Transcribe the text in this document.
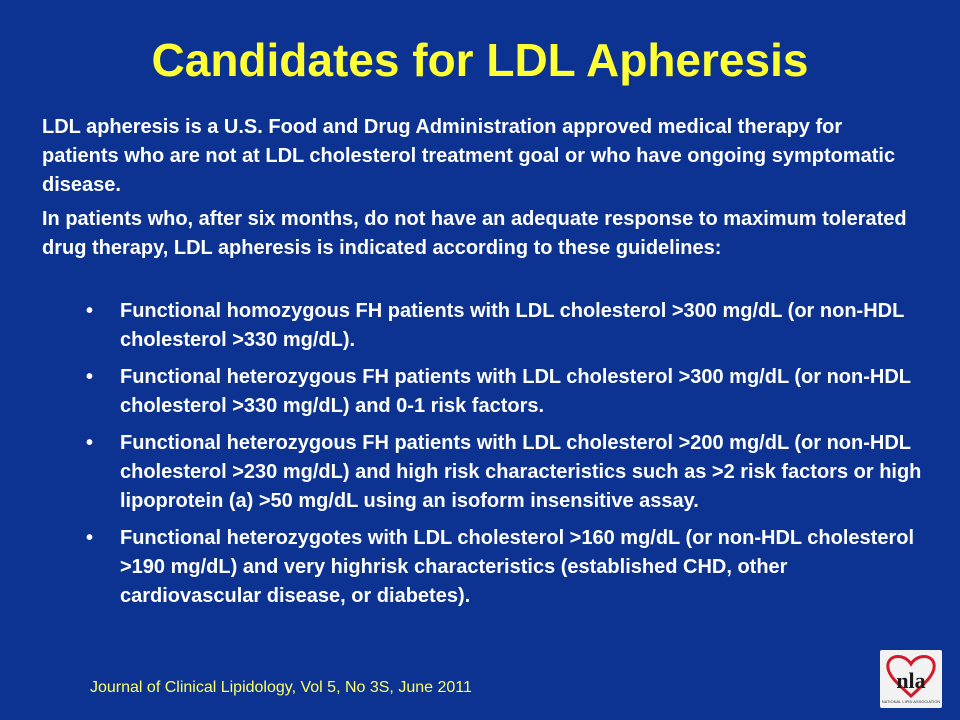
Candidates for LDL Apheresis
LDL apheresis is a U.S. Food and Drug Administration approved medical therapy for patients who are not at LDL cholesterol treatment goal or who have ongoing symptomatic disease.
In patients who, after six months, do not have an adequate response to maximum tolerated drug therapy, LDL apheresis is indicated according to these guidelines:
• Functional homozygous FH patients with LDL cholesterol >300 mg/dL (or non-HDL cholesterol >330 mg/dL).
• Functional heterozygous FH patients with LDL cholesterol >300 mg/dL (or non-HDL cholesterol >330 mg/dL) and 0-1 risk factors.
• Functional heterozygous FH patients with LDL cholesterol >200 mg/dL (or non-HDL cholesterol >230 mg/dL) and high risk characteristics such as >2 risk factors or high lipoprotein (a) >50 mg/dL using an isoform insensitive assay.
• Functional heterozygotes with LDL cholesterol >160 mg/dL (or non-HDL cholesterol >190 mg/dL) and very highrisk characteristics (established CHD, other cardiovascular disease, or diabetes).
Journal of Clinical Lipidology, Vol 5, No 3S, June 2011	nla
NATIONAL LIPID ASSOCIATION
